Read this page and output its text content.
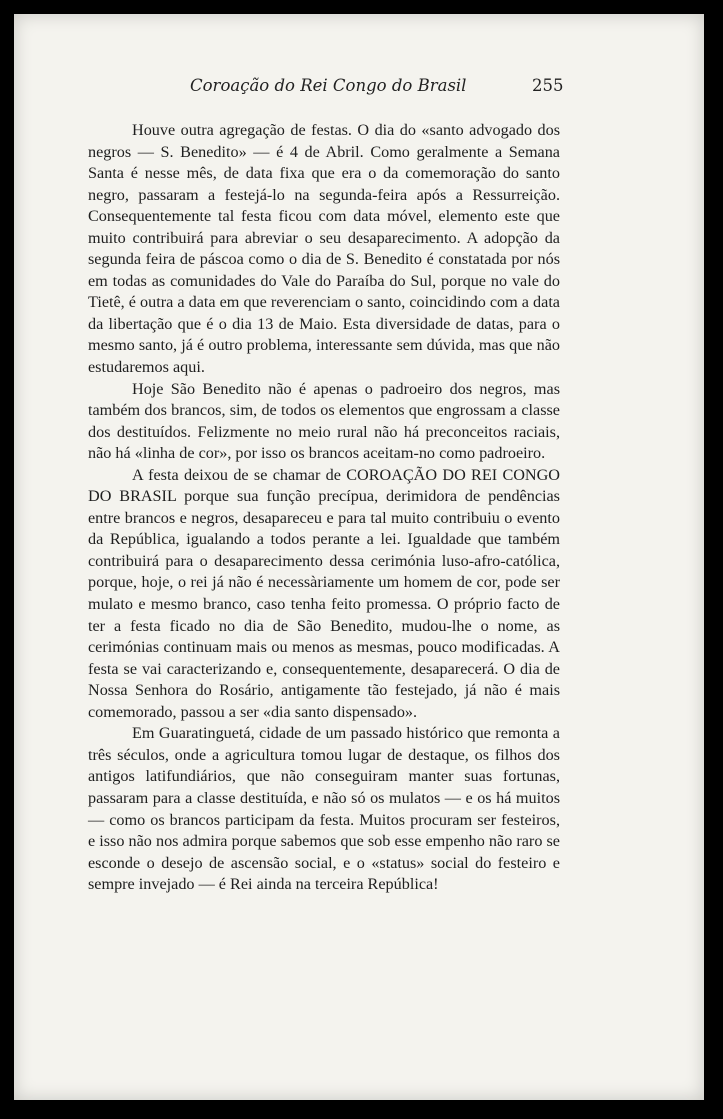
Coroação do Rei Congo do Brasil	255

Houve outra agregação de festas. O dia do «santo advogado dos negros — S. Benedito» — é 4 de Abril. Como geralmente a Semana Santa é nesse mês, de data fixa que era o da comemoração do santo negro, passaram a festejá-lo na segunda-feira após a Ressurreição. Consequentemente tal festa ficou com data móvel, elemento este que muito contribuirá para abreviar o seu desaparecimento. A adopção da segunda feira de páscoa como o dia de S. Benedito é constatada por nós em todas as comunidades do Vale do Paraíba do Sul, porque no vale do Tietê, é outra a data em que reverenciam o santo, coincidindo com a data da libertação que é o dia 13 de Maio. Esta diversidade de datas, para o mesmo santo, já é outro problema, interessante sem dúvida, mas que não estudaremos aqui.

Hoje São Benedito não é apenas o padroeiro dos negros, mas também dos brancos, sim, de todos os elementos que engrossam a classe dos destituídos. Felizmente no meio rural não há preconceitos raciais, não há «linha de cor», por isso os brancos aceitam-no como padroeiro.

A festa deixou de se chamar de COROAÇÃO DO REI CONGO DO BRASIL porque sua função precípua, derimidora de pendências entre brancos e negros, desapareceu e para tal muito contribuiu o evento da República, igualando a todos perante a lei. Igualdade que também contribuirá para o desaparecimento dessa cerimónia luso-afro-católica, porque, hoje, o rei já não é necessàriamente um homem de cor, pode ser mulato e mesmo branco, caso tenha feito promessa. O próprio facto de ter a festa ficado no dia de São Benedito, mudou-lhe o nome, as cerimónias continuam mais ou menos as mesmas, pouco modificadas. A festa se vai caracterizando e, consequentemente, desaparecerá. O dia de Nossa Senhora do Rosário, antigamente tão festejado, já não é mais comemorado, passou a ser «dia santo dispensado».

Em Guaratinguetá, cidade de um passado histórico que remonta a três séculos, onde a agricultura tomou lugar de destaque, os filhos dos antigos latifundiários, que não conseguiram manter suas fortunas, passaram para a classe destituída, e não só os mulatos — e os há muitos — como os brancos participam da festa. Muitos procuram ser festeiros, e isso não nos admira porque sabemos que sob esse empenho não raro se esconde o desejo de ascensão social, e o «status» social do festeiro e sempre invejado — é Rei ainda na terceira República!
